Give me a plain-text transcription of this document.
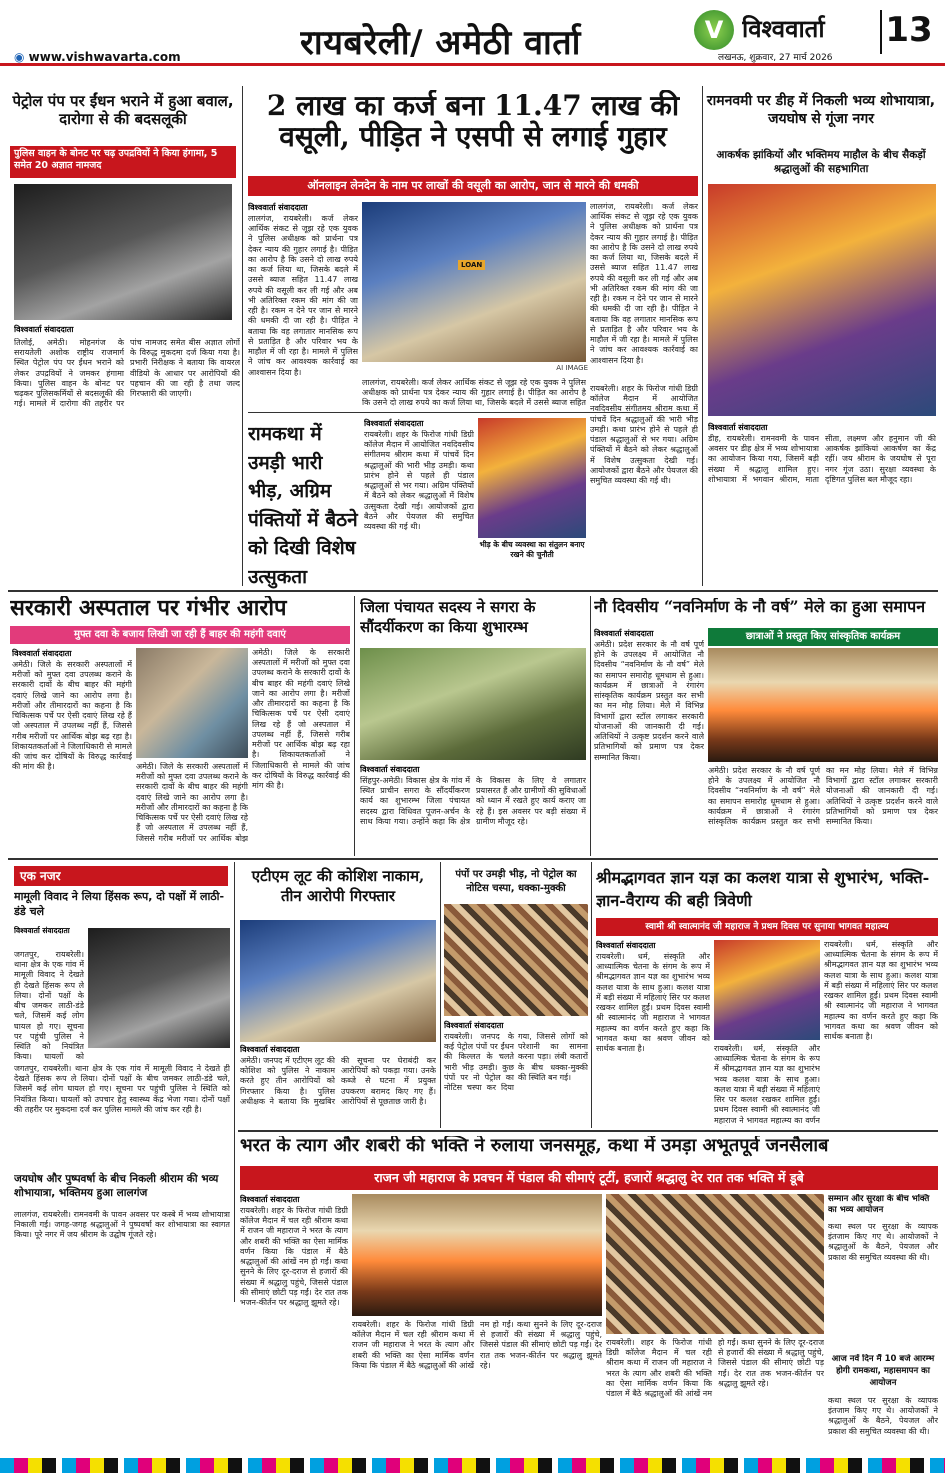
रायबरेली/ अमेठी वार्ता
◉ www.vishwavarta.com
V विश्ववार्ता
लखनऊ, शुक्रवार, 27 मार्च 2026
13
पेट्रोल पंप पर ईंधन भराने में हुआ बवाल, दारोगा से की बदसलूकी
पुलिस वाहन के बोनट पर चढ़ उपद्रवियों ने किया हंगामा, 5 समेत 20 अज्ञात नामजद
विश्ववार्ता संवाददाता
तिलोई, अमेठी। मोहनगंज के सरायतेली अशोक राष्ट्रीय राजमार्ग स्थित पेट्रोल पंप पर ईंधन भराने को लेकर उपद्रवियों ने जमकर हंगामा किया। पुलिस वाहन के बोनट पर चढ़कर पुलिसकर्मियों से बदसलूकी की गई। मामले में दारोगा की तहरीर पर पांच नामजद समेत बीस अज्ञात लोगों के विरुद्ध मुकदमा दर्ज किया गया है। प्रभारी निरीक्षक ने बताया कि वायरल वीडियो के आधार पर आरोपियों की पहचान की जा रही है तथा जल्द गिरफ्तारी की जाएगी।
2 लाख का कर्ज बना 11.47 लाख की वसूली, पीड़ित ने एसपी से लगाई गुहार
ऑनलाइन लेनदेन के नाम पर लाखों की वसूली का आरोप, जान से मारने की धमकी
विश्ववार्ता संवाददाता
लालगंज, रायबरेली। कर्ज लेकर आर्थिक संकट से जूझ रहे एक युवक ने पुलिस अधीक्षक को प्रार्थना पत्र देकर न्याय की गुहार लगाई है। पीड़ित का आरोप है कि उसने दो लाख रुपये का कर्ज लिया था, जिसके बदले में उससे ब्याज सहित 11.47 लाख रुपये की वसूली कर ली गई और अब भी अतिरिक्त रकम की मांग की जा रही है। रकम न देने पर जान से मारने की धमकी दी जा रही है। पीड़ित ने बताया कि वह लगातार मानसिक रूप से प्रताड़ित है और परिवार भय के माहौल में जी रहा है। मामले में पुलिस ने जांच कर आवश्यक कार्रवाई का आश्वासन दिया है।
LOAN
AI IMAGE
लालगंज, रायबरेली। कर्ज लेकर आर्थिक संकट से जूझ रहे एक युवक ने पुलिस अधीक्षक को प्रार्थना पत्र देकर न्याय की गुहार लगाई है। पीड़ित का आरोप है कि उसने दो लाख रुपये का कर्ज लिया था, जिसके बदले में उससे ब्याज सहित 11.47 लाख रुपये की वसूली कर ली गई और अब भी अतिरिक्त रकम की मांग की जा रही है। रकम न देने पर जान से मारने की धमकी दी जा रही है। पीड़ित ने बताया कि वह लगातार मानसिक रूप से प्रताड़ित है और परिवार भय के माहौल में जी रहा है। मामले में पुलिस ने जांच कर आवश्यक कार्रवाई का आश्वासन दिया है।
लालगंज, रायबरेली। कर्ज लेकर आर्थिक संकट से जूझ रहे एक युवक ने पुलिस अधीक्षक को प्रार्थना पत्र देकर न्याय की गुहार लगाई है। पीड़ित का आरोप है कि उसने दो लाख रुपये का कर्ज लिया था, जिसके बदले में उससे ब्याज सहित
रामकथा में उमड़ी भारी भीड़, अग्रिम पंक्तियों में बैठने को दिखी विशेष उत्सुकता
विश्ववार्ता संवाददाता
रायबरेली। शहर के फिरोज गांधी डिग्री कॉलेज मैदान में आयोजित नवदिवसीय संगीतमय श्रीराम कथा में पांचवें दिन श्रद्धालुओं की भारी भीड़ उमड़ी। कथा प्रारंभ होने से पहले ही पंडाल श्रद्धालुओं से भर गया। अग्रिम पंक्तियों में बैठने को लेकर श्रद्धालुओं में विशेष उत्सुकता देखी गई। आयोजकों द्वारा बैठने और पेयजल की समुचित व्यवस्था की गई थी।
भीड़ के बीच व्यवस्था का संतुलन बनाए रखने की चुनौती
रायबरेली। शहर के फिरोज गांधी डिग्री कॉलेज मैदान में आयोजित नवदिवसीय संगीतमय श्रीराम कथा में पांचवें दिन श्रद्धालुओं की भारी भीड़ उमड़ी। कथा प्रारंभ होने से पहले ही पंडाल श्रद्धालुओं से भर गया। अग्रिम पंक्तियों में बैठने को लेकर श्रद्धालुओं में विशेष उत्सुकता देखी गई। आयोजकों द्वारा बैठने और पेयजल की समुचित व्यवस्था की गई थी।
रामनवमी पर डीह में निकली भव्य शोभायात्रा, जयघोष से गूंजा नगर
आकर्षक झांकियों और भक्तिमय माहौल के बीच सैकड़ों श्रद्धालुओं की सहभागिता
विश्ववार्ता संवाददाता
डीह, रायबरेली। रामनवमी के पावन अवसर पर डीह क्षेत्र में भव्य शोभायात्रा का आयोजन किया गया, जिसमें बड़ी संख्या में श्रद्धालु शामिल हुए। शोभायात्रा में भगवान श्रीराम, माता सीता, लक्ष्मण और हनुमान जी की आकर्षक झांकियां आकर्षण का केंद्र रहीं। जय श्रीराम के जयघोष से पूरा नगर गूंज उठा। सुरक्षा व्यवस्था के दृष्टिगत पुलिस बल मौजूद रहा।
सरकारी अस्पताल पर गंभीर आरोप
मुफ्त दवा के बजाय लिखी जा रही हैं बाहर की महंगी दवाएं
विश्ववार्ता संवाददाता
अमेठी। जिले के सरकारी अस्पतालों में मरीजों को मुफ्त दवा उपलब्ध कराने के सरकारी दावों के बीच बाहर की महंगी दवाएं लिखे जाने का आरोप लगा है। मरीजों और तीमारदारों का कहना है कि चिकित्सक पर्चे पर ऐसी दवाएं लिख रहे हैं जो अस्पताल में उपलब्ध नहीं हैं, जिससे गरीब मरीजों पर आर्थिक बोझ बढ़ रहा है। शिकायतकर्ताओं ने जिलाधिकारी से मामले की जांच कर दोषियों के विरुद्ध कार्रवाई की मांग की है।	अमेठी। जिले के सरकारी अस्पतालों में मरीजों को मुफ्त दवा उपलब्ध कराने के सरकारी दावों के बीच बाहर की महंगी दवाएं लिखे जाने का आरोप लगा है। मरीजों और तीमारदारों का कहना है कि चिकित्सक पर्चे पर ऐसी दवाएं लिख रहे हैं जो अस्पताल में उपलब्ध नहीं हैं, जिससे गरीब मरीजों पर आर्थिक बोझ
अमेठी। जिले के सरकारी अस्पतालों में मरीजों को मुफ्त दवा उपलब्ध कराने के सरकारी दावों के बीच बाहर की महंगी दवाएं लिखे जाने का आरोप लगा है। मरीजों और तीमारदारों का कहना है कि चिकित्सक पर्चे पर ऐसी दवाएं लिख रहे हैं जो अस्पताल में उपलब्ध नहीं हैं, जिससे गरीब मरीजों पर आर्थिक बोझ बढ़ रहा है। शिकायतकर्ताओं ने जिलाधिकारी से मामले की जांच कर दोषियों के विरुद्ध कार्रवाई की मांग की है।
जिला पंचायत सदस्य ने सगरा के सौंदर्यीकरण का किया शुभारम्भ
विश्ववार्ता संवाददाता
सिंहपुर-अमेठी। विकास क्षेत्र के गांव में स्थित प्राचीन सगरा के सौंदर्यीकरण कार्य का शुभारम्भ जिला पंचायत सदस्य द्वारा विधिवत पूजन-अर्चन के साथ किया गया। उन्होंने कहा कि क्षेत्र के विकास के लिए वे लगातार प्रयासरत हैं और ग्रामीणों की सुविधाओं को ध्यान में रखते हुए कार्य कराए जा रहे हैं। इस अवसर पर बड़ी संख्या में ग्रामीण मौजूद रहे।
नौ दिवसीय “नवनिर्माण के नौ वर्ष” मेले का हुआ समापन
विश्ववार्ता संवाददाता
अमेठी। प्रदेश सरकार के नौ वर्ष पूर्ण होने के उपलक्ष्य में आयोजित नौ दिवसीय “नवनिर्माण के नौ वर्ष” मेले का समापन समारोह धूमधाम से हुआ। कार्यक्रम में छात्राओं ने रंगारंग सांस्कृतिक कार्यक्रम प्रस्तुत कर सभी का मन मोह लिया। मेले में विभिन्न विभागों द्वारा स्टॉल लगाकर सरकारी योजनाओं की जानकारी दी गई। अतिथियों ने उत्कृष्ट प्रदर्शन करने वाले प्रतिभागियों को प्रमाण पत्र देकर सम्मानित किया।
छात्राओं ने प्रस्तुत किए सांस्कृतिक कार्यक्रम
अमेठी। प्रदेश सरकार के नौ वर्ष पूर्ण होने के उपलक्ष्य में आयोजित नौ दिवसीय “नवनिर्माण के नौ वर्ष” मेले का समापन समारोह धूमधाम से हुआ। कार्यक्रम में छात्राओं ने रंगारंग सांस्कृतिक कार्यक्रम प्रस्तुत कर सभी का मन मोह लिया। मेले में विभिन्न विभागों द्वारा स्टॉल लगाकर सरकारी योजनाओं की जानकारी दी गई। अतिथियों ने उत्कृष्ट प्रदर्शन करने वाले प्रतिभागियों को प्रमाण पत्र देकर सम्मानित किया।
एक नजर
मामूली विवाद ने लिया हिंसक रूप, दो पक्षों में लाठी-डंडे चले
विश्ववार्ता संवाददाता
जगतपुर, रायबरेली। थाना क्षेत्र के एक गांव में मामूली विवाद ने देखते ही देखते हिंसक रूप ले लिया। दोनों पक्षों के बीच जमकर लाठी-डंडे चले, जिसमें कई लोग घायल हो गए। सूचना पर पहुंची पुलिस ने स्थिति को नियंत्रित किया। घायलों को
जगतपुर, रायबरेली। थाना क्षेत्र के एक गांव में मामूली विवाद ने देखते ही देखते हिंसक रूप ले लिया। दोनों पक्षों के बीच जमकर लाठी-डंडे चले, जिसमें कई लोग घायल हो गए। सूचना पर पहुंची पुलिस ने स्थिति को नियंत्रित किया। घायलों को उपचार हेतु स्वास्थ्य केंद्र भेजा गया। दोनों पक्षों की तहरीर पर मुकदमा दर्ज कर पुलिस मामले की जांच कर रही है।
जयघोष और पुष्पवर्षा के बीच निकली श्रीराम की भव्य शोभायात्रा, भक्तिमय हुआ लालगंज
लालगंज, रायबरेली। रामनवमी के पावन अवसर पर कस्बे में भव्य शोभायात्रा निकाली गई। जगह-जगह श्रद्धालुओं ने पुष्पवर्षा कर शोभायात्रा का स्वागत किया। पूरे नगर में जय श्रीराम के उद्घोष गूंजते रहे।
एटीएम लूट की कोशिश नाकाम, तीन आरोपी गिरफ्तार
विश्ववार्ता संवाददाता
अमेठी। जनपद में एटीएम लूट की कोशिश को पुलिस ने नाकाम करते हुए तीन आरोपियों को गिरफ्तार किया है। पुलिस अधीक्षक ने बताया कि मुखबिर की सूचना पर घेराबंदी कर आरोपियों को पकड़ा गया। उनके कब्जे से घटना में प्रयुक्त उपकरण बरामद किए गए हैं। आरोपियों से पूछताछ जारी है।
पंपों पर उमड़ी भीड़, नो पेट्रोल का नोटिस चस्पा, धक्का-मुक्की
विश्ववार्ता संवाददाता
रायबरेली। जनपद के कई पेट्रोल पंपों पर ईंधन की किल्लत के चलते भारी भीड़ उमड़ी। कुछ पंपों पर नो पेट्रोल का नोटिस चस्पा कर दिया गया, जिससे लोगों को परेशानी का सामना करना पड़ा। लंबी कतारों के बीच धक्का-मुक्की की स्थिति बन गई।
श्रीमद्भागवत ज्ञान यज्ञ का कलश यात्रा से शुभारंभ, भक्ति-ज्ञान-वैराग्य की बही त्रिवेणी
स्वामी श्री स्वात्मानंद जी महाराज ने प्रथम दिवस पर सुनाया भागवत महात्म्य
विश्ववार्ता संवाददाता
रायबरेली। धर्म, संस्कृति और आध्यात्मिक चेतना के संगम के रूप में श्रीमद्भागवत ज्ञान यज्ञ का शुभारंभ भव्य कलश यात्रा के साथ हुआ। कलश यात्रा में बड़ी संख्या में महिलाएं सिर पर कलश रखकर शामिल हुईं। प्रथम दिवस स्वामी श्री स्वात्मानंद जी महाराज ने भागवत महात्म्य का वर्णन करते हुए कहा कि भागवत कथा का श्रवण जीवन को सार्थक बनाता है।
रायबरेली। धर्म, संस्कृति और आध्यात्मिक चेतना के संगम के रूप में श्रीमद्भागवत ज्ञान यज्ञ का शुभारंभ भव्य कलश यात्रा के साथ हुआ। कलश यात्रा में बड़ी संख्या में महिलाएं सिर पर कलश रखकर शामिल हुईं। प्रथम दिवस स्वामी श्री स्वात्मानंद जी महाराज ने भागवत महात्म्य का वर्णन करते हुए कहा कि भागवत कथा का श्रवण जीवन को सार्थक बनाता है।
रायबरेली। धर्म, संस्कृति और आध्यात्मिक चेतना के संगम के रूप में श्रीमद्भागवत ज्ञान यज्ञ का शुभारंभ भव्य कलश यात्रा के साथ हुआ। कलश यात्रा में बड़ी संख्या में महिलाएं सिर पर कलश रखकर शामिल हुईं। प्रथम दिवस स्वामी श्री स्वात्मानंद जी महाराज ने भागवत महात्म्य का वर्णन
भरत के त्याग और शबरी की भक्ति ने रुलाया जनसमूह, कथा में उमड़ा अभूतपूर्व जनसैलाब
राजन जी महाराज के प्रवचन में पंडाल की सीमाएं टूटीं, हजारों श्रद्धालु देर रात तक भक्ति में डूबे
विश्ववार्ता संवाददाता
रायबरेली। शहर के फिरोज गांधी डिग्री कॉलेज मैदान में चल रही श्रीराम कथा में राजन जी महाराज ने भरत के त्याग और शबरी की भक्ति का ऐसा मार्मिक वर्णन किया कि पंडाल में बैठे श्रद्धालुओं की आंखें नम हो गईं। कथा सुनने के लिए दूर-दराज से हजारों की संख्या में श्रद्धालु पहुंचे, जिससे पंडाल की सीमाएं छोटी पड़ गईं। देर रात तक भजन-कीर्तन पर श्रद्धालु झूमते रहे।
रायबरेली। शहर के फिरोज गांधी डिग्री कॉलेज मैदान में चल रही श्रीराम कथा में राजन जी महाराज ने भरत के त्याग और शबरी की भक्ति का ऐसा मार्मिक वर्णन किया कि पंडाल में बैठे श्रद्धालुओं की आंखें नम हो गईं। कथा सुनने के लिए दूर-दराज से हजारों की संख्या में श्रद्धालु पहुंचे, जिससे पंडाल की सीमाएं छोटी पड़ गईं। देर रात तक भजन-कीर्तन पर श्रद्धालु झूमते रहे।
रायबरेली। शहर के फिरोज गांधी डिग्री कॉलेज मैदान में चल रही श्रीराम कथा में राजन जी महाराज ने भरत के त्याग और शबरी की भक्ति का ऐसा मार्मिक वर्णन किया कि पंडाल में बैठे श्रद्धालुओं की आंखें नम हो गईं। कथा सुनने के लिए दूर-दराज से हजारों की संख्या में श्रद्धालु पहुंचे, जिससे पंडाल की सीमाएं छोटी पड़ गईं। देर रात तक भजन-कीर्तन पर श्रद्धालु झूमते रहे।
सम्मान और सुरक्षा के बीच भक्ति का भव्य आयोजन
कथा स्थल पर सुरक्षा के व्यापक इंतजाम किए गए थे। आयोजकों ने श्रद्धालुओं के बैठने, पेयजल और प्रकाश की समुचित व्यवस्था की थी।
आज नवें दिन मैं 10 बजे आरम्भ होगी रामकथा, महासमापन का आयोजन
कथा स्थल पर सुरक्षा के व्यापक इंतजाम किए गए थे। आयोजकों ने श्रद्धालुओं के बैठने, पेयजल और प्रकाश की समुचित व्यवस्था की थी।
